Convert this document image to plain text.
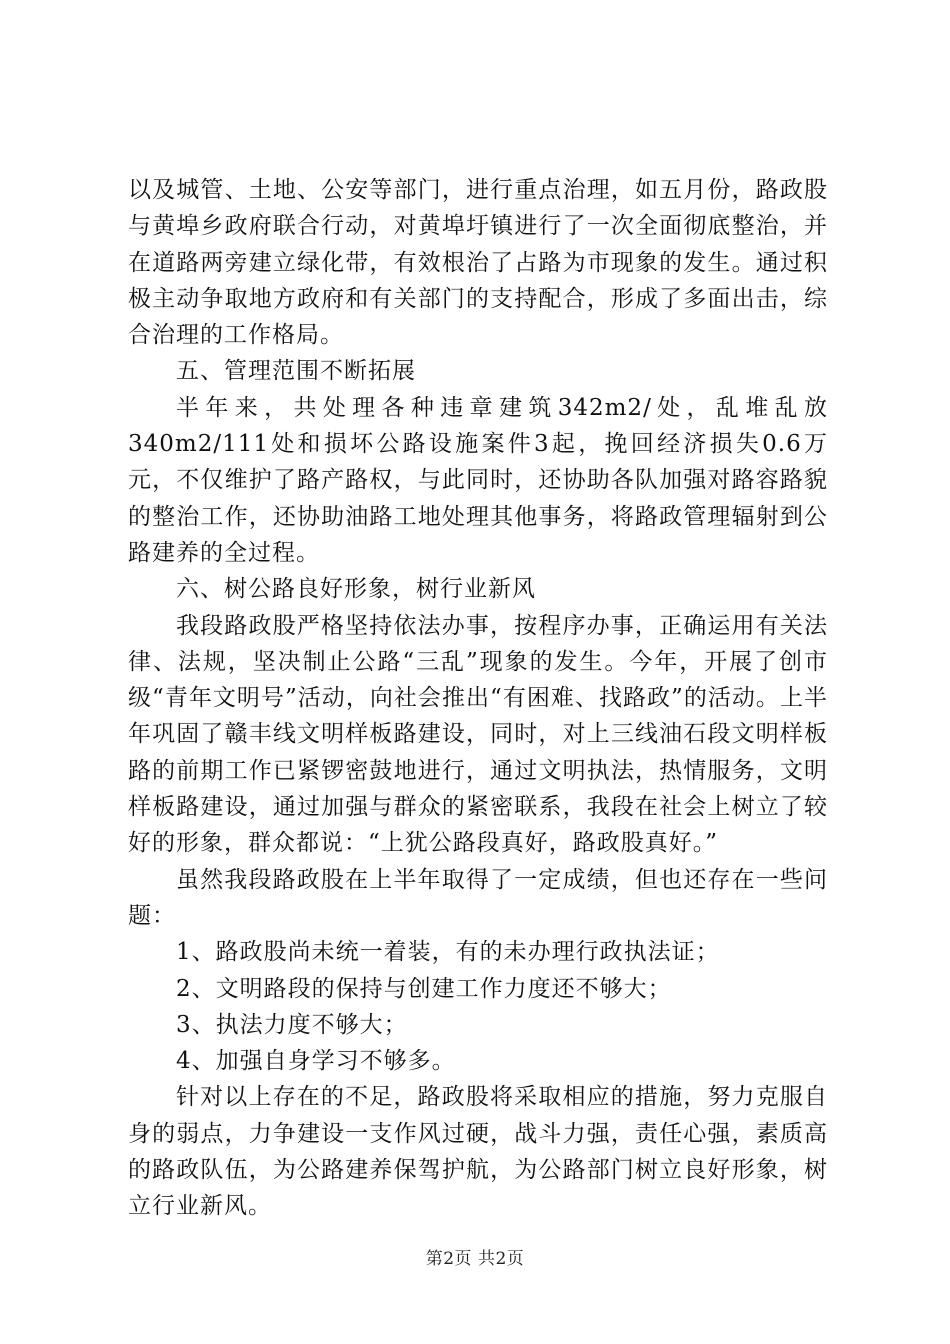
以及城管、土地、公安等部门，进行重点治理，如五月份，路政股与黄埠乡政府联合行动，对黄埠圩镇进行了一次全面彻底整治，并在道路两旁建立绿化带，有效根治了占路为市现象的发生。通过积极主动争取地方政府和有关部门的支持配合，形成了多面出击，综合治理的工作格局。

五、管理范围不断拓展

半年来，共处理各种违章建筑342m2/处，乱堆乱放340m2/111处和损坏公路设施案件3起，挽回经济损失0.6万元，不仅维护了路产路权，与此同时，还协助各队加强对路容路貌的整治工作，还协助油路工地处理其他事务，将路政管理辐射到公路建养的全过程。

六、树公路良好形象，树行业新风

我段路政股严格坚持依法办事，按程序办事，正确运用有关法律、法规，坚决制止公路“三乱”现象的发生。今年，开展了创市级“青年文明号”活动，向社会推出“有困难、找路政”的活动。上半年巩固了赣丰线文明样板路建设，同时，对上三线油石段文明样板路的前期工作已紧锣密鼓地进行，通过文明执法，热情服务，文明样板路建设，通过加强与群众的紧密联系，我段在社会上树立了较好的形象，群众都说：“上犹公路段真好，路政股真好。”

虽然我段路政股在上半年取得了一定成绩，但也还存在一些问题：

1、路政股尚未统一着装，有的未办理行政执法证；

2、文明路段的保持与创建工作力度还不够大；

3、执法力度不够大；

4、加强自身学习不够多。

针对以上存在的不足，路政股将采取相应的措施，努力克服自身的弱点，力争建设一支作风过硬，战斗力强，责任心强，素质高的路政队伍，为公路建养保驾护航，为公路部门树立良好形象，树立行业新风。

第2页 共2页
